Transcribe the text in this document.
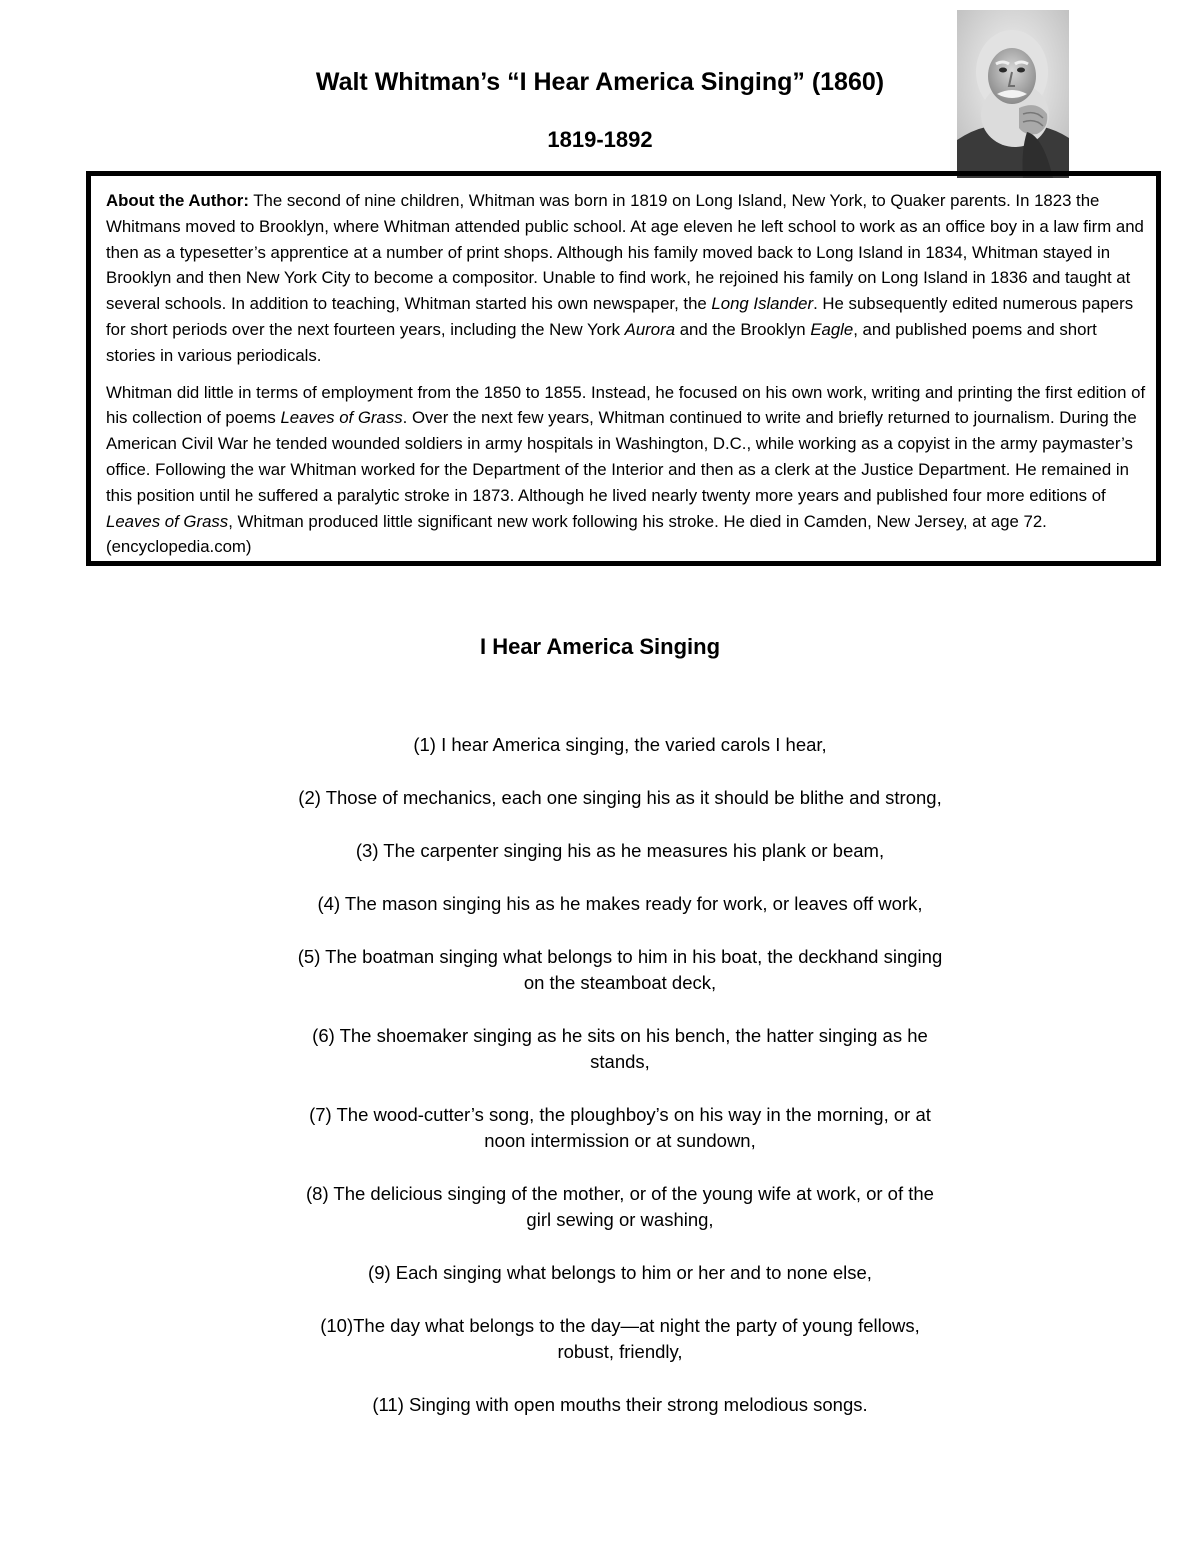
Walt Whitman’s “I Hear America Singing” (1860)
1819-1892

About the Author: The second of nine children, Whitman was born in 1819 on Long Island, New York, to Quaker parents. In 1823 the Whitmans moved to Brooklyn, where Whitman attended public school. At age eleven he left school to work as an office boy in a law firm and then as a typesetter’s apprentice at a number of print shops. Although his family moved back to Long Island in 1834, Whitman stayed in Brooklyn and then New York City to become a compositor. Unable to find work, he rejoined his family on Long Island in 1836 and taught at several schools. In addition to teaching, Whitman started his own newspaper, the Long Islander. He subsequently edited numerous papers for short periods over the next fourteen years, including the New York Aurora and the Brooklyn Eagle, and published poems and short stories in various periodicals.

Whitman did little in terms of employment from the 1850 to 1855. Instead, he focused on his own work, writing and printing the first edition of his collection of poems Leaves of Grass. Over the next few years, Whitman continued to write and briefly returned to journalism. During the American Civil War he tended wounded soldiers in army hospitals in Washington, D.C., while working as a copyist in the army paymaster’s office. Following the war Whitman worked for the Department of the Interior and then as a clerk at the Justice Department. He remained in this position until he suffered a paralytic stroke in 1873. Although he lived nearly twenty more years and published four more editions of Leaves of Grass, Whitman produced little significant new work following his stroke. He died in Camden, New Jersey, at age 72. (encyclopedia.com)

I Hear America Singing

(1) I hear America singing, the varied carols I hear,

(2) Those of mechanics, each one singing his as it should be blithe and strong,

(3) The carpenter singing his as he measures his plank or beam,

(4) The mason singing his as he makes ready for work, or leaves off work,

(5) The boatman singing what belongs to him in his boat, the deckhand singing on the steamboat deck,

(6) The shoemaker singing as he sits on his bench, the hatter singing as he stands,

(7) The wood-cutter’s song, the ploughboy’s on his way in the morning, or at noon intermission or at sundown,

(8) The delicious singing of the mother, or of the young wife at work, or of the girl sewing or washing,

(9) Each singing what belongs to him or her and to none else,

(10)The day what belongs to the day—at night the party of young fellows, robust, friendly,

(11) Singing with open mouths their strong melodious songs.
